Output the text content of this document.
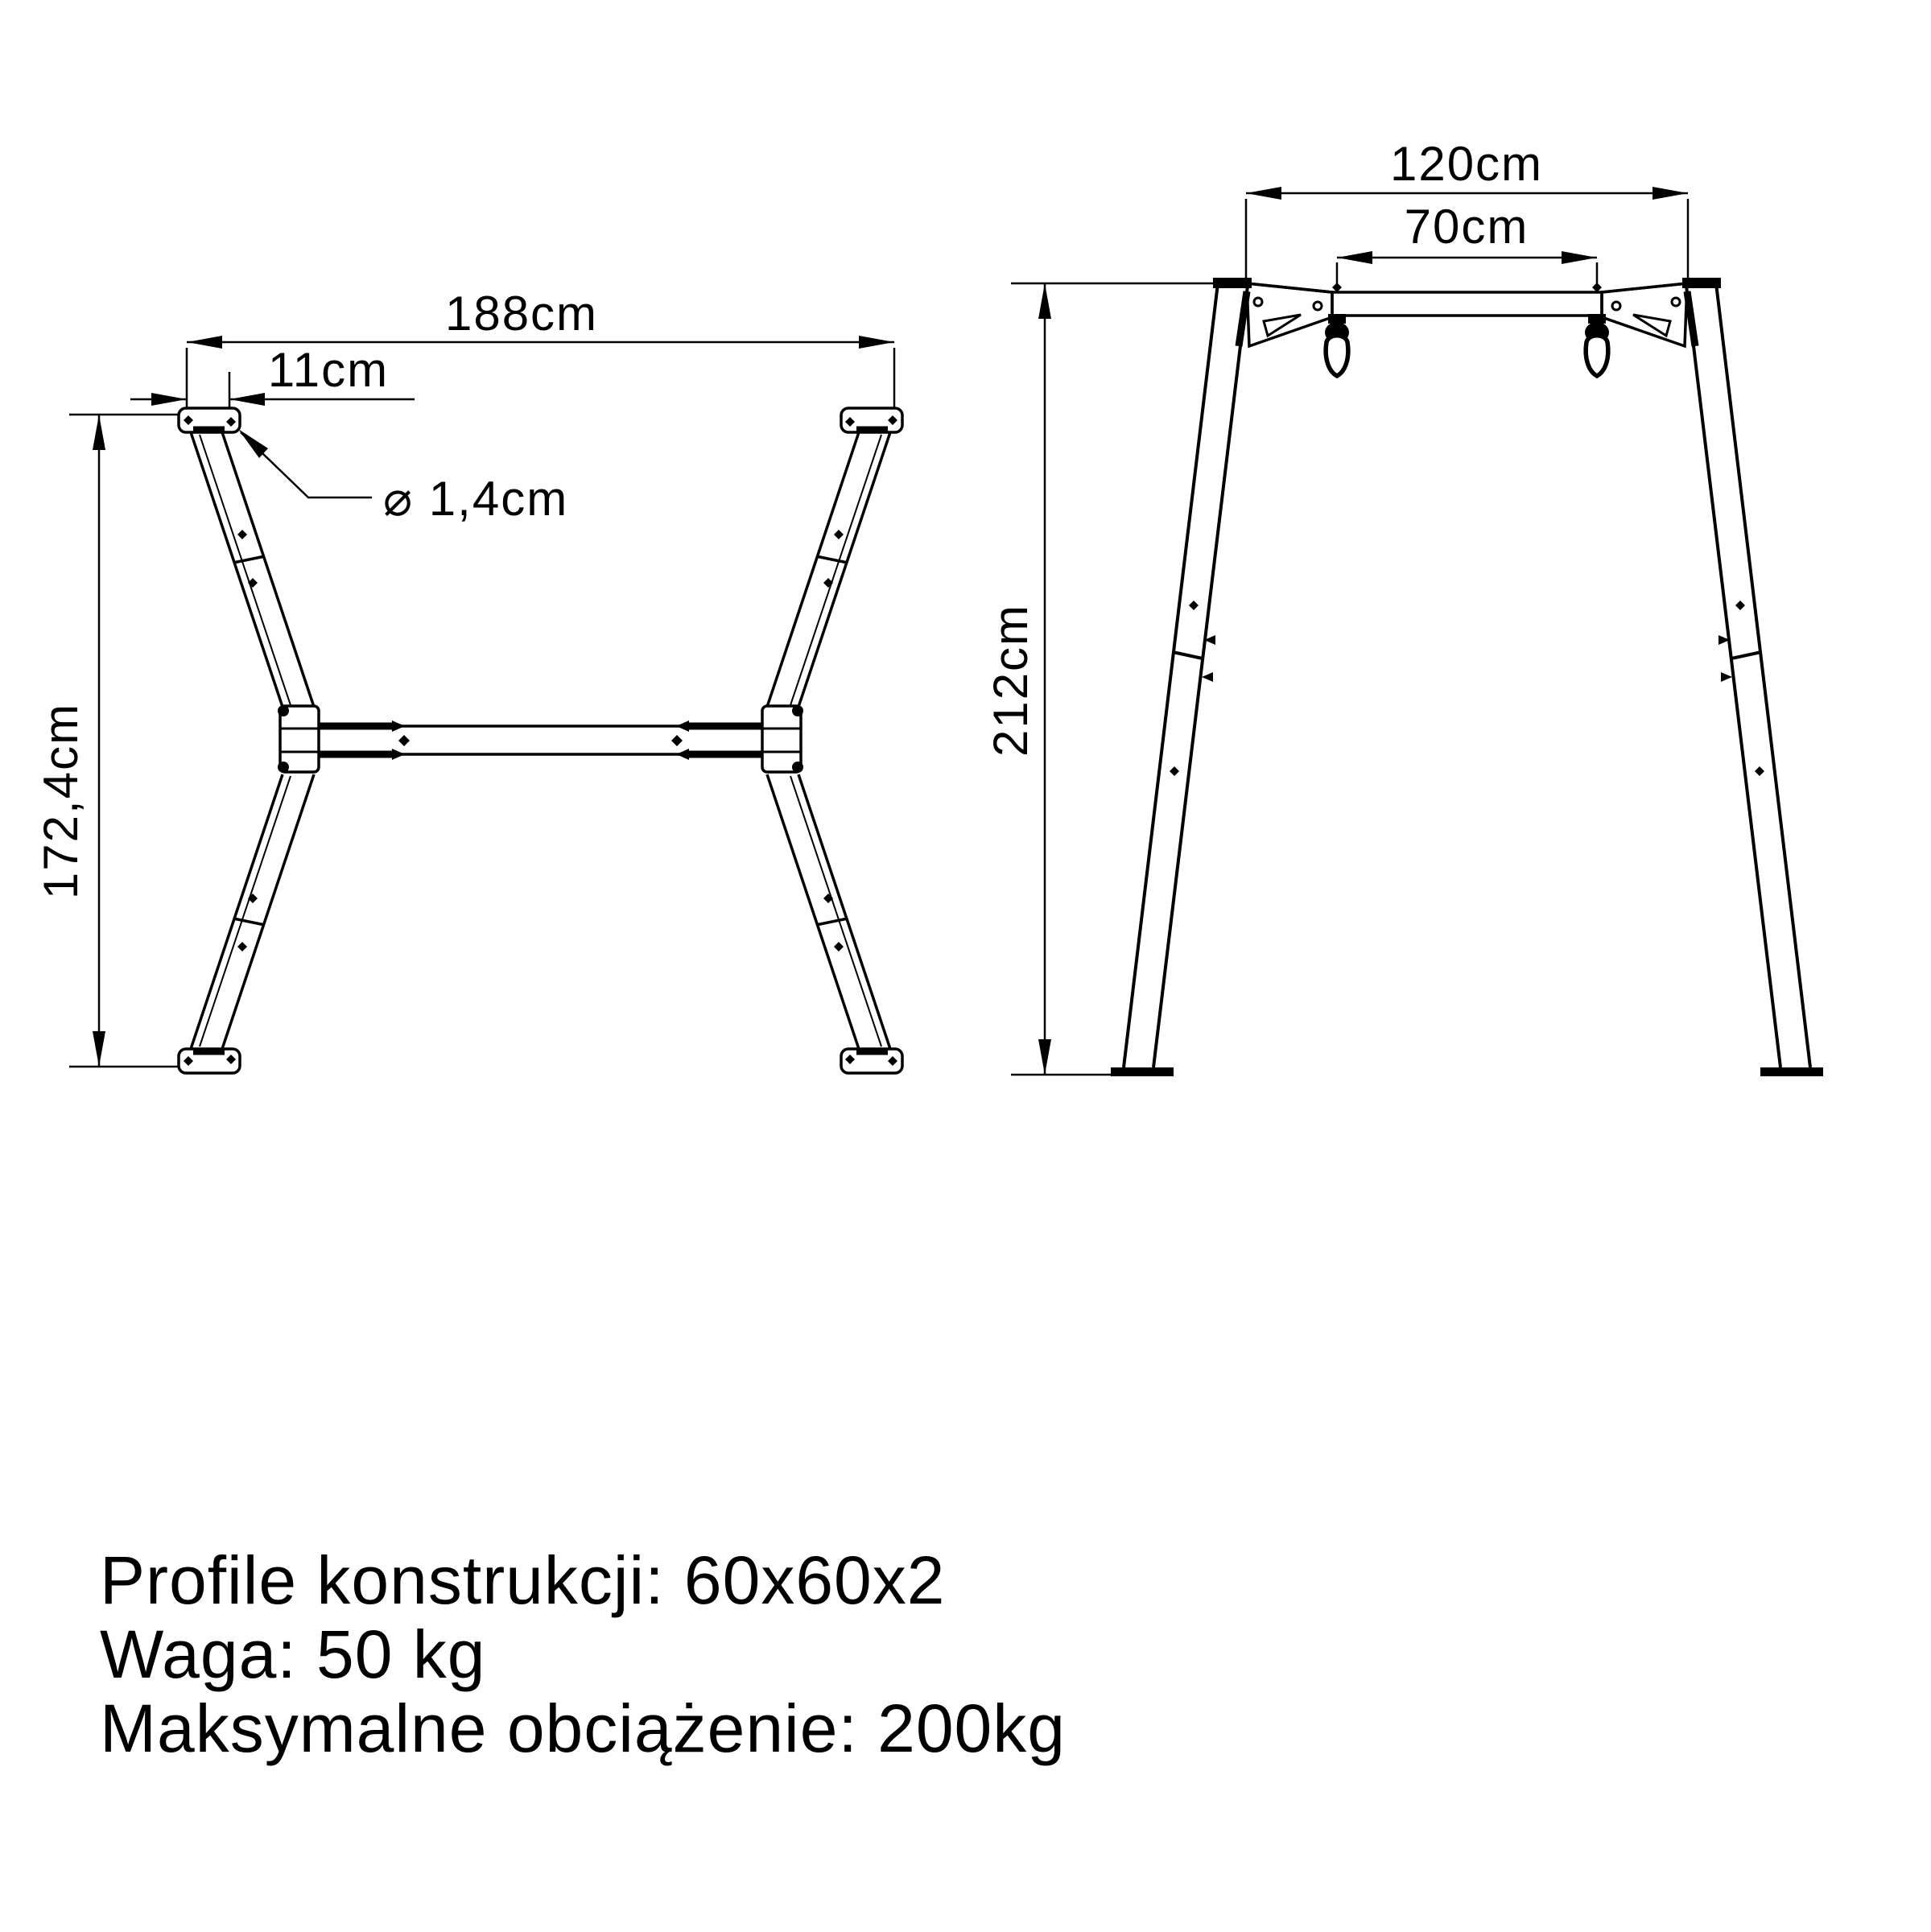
188cm
11cm
⌀ 1,4cm
172,4cm
120cm
70cm
212cm
Profile konstrukcji: 60x60x2
Waga: 50 kg
Maksymalne obciążenie: 200kg
